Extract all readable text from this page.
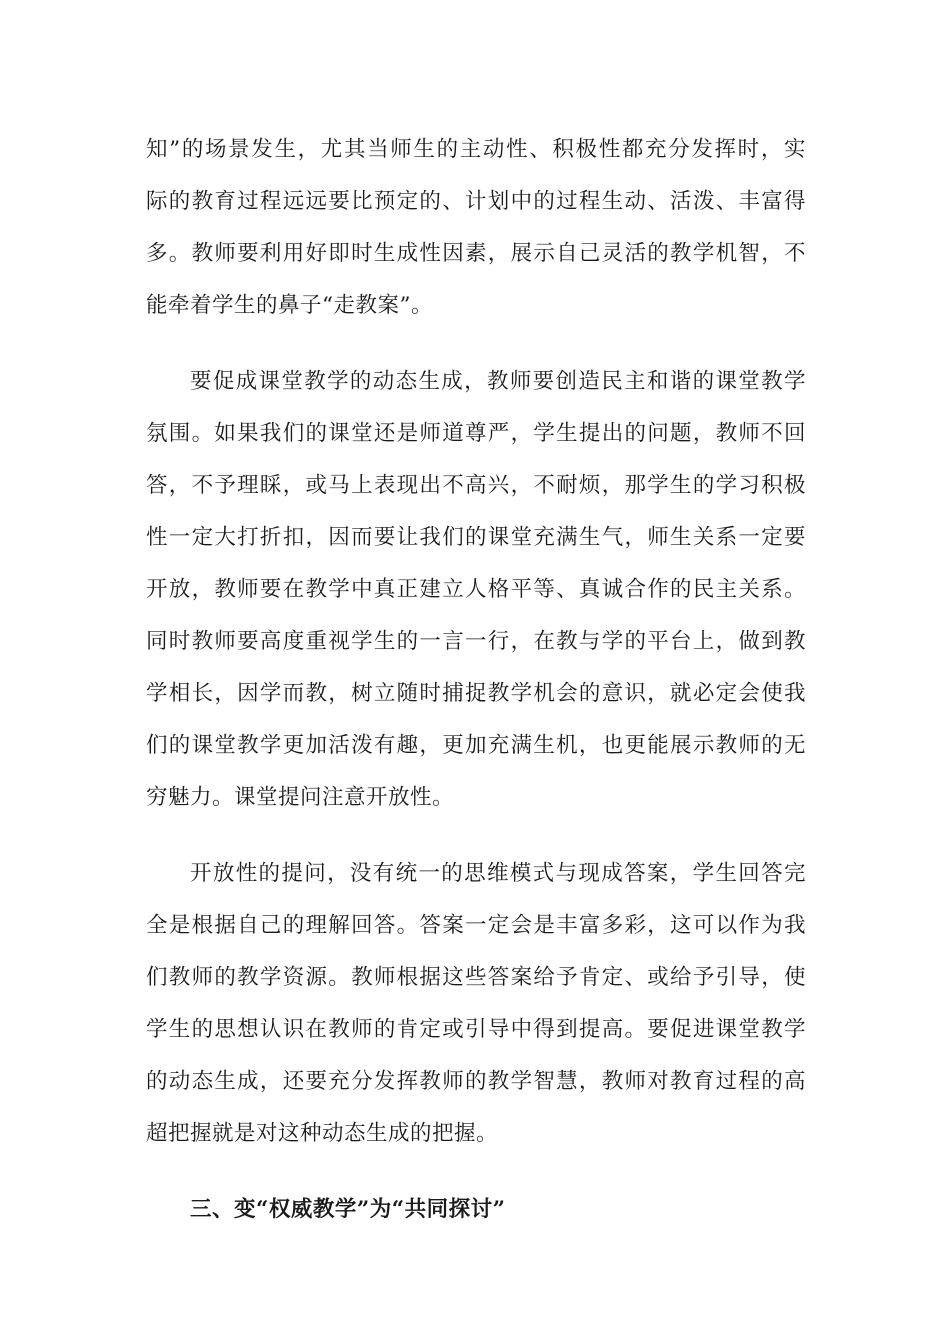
知”的场景发生，尤其当师生的主动性、积极性都充分发挥时，实
际的教育过程远远要比预定的、计划中的过程生动、活泼、丰富得
多。教师要利用好即时生成性因素，展示自己灵活的教学机智，不
能牵着学生的鼻子“走教案”。
要促成课堂教学的动态生成，教师要创造民主和谐的课堂教学
氛围。如果我们的课堂还是师道尊严，学生提出的问题，教师不回
答，不予理睬，或马上表现出不高兴，不耐烦，那学生的学习积极
性一定大打折扣，因而要让我们的课堂充满生气，师生关系一定要
开放，教师要在教学中真正建立人格平等、真诚合作的民主关系。
同时教师要高度重视学生的一言一行，在教与学的平台上，做到教
学相长，因学而教，树立随时捕捉教学机会的意识，就必定会使我
们的课堂教学更加活泼有趣，更加充满生机，也更能展示教师的无
穷魅力。课堂提问注意开放性。
开放性的提问，没有统一的思维模式与现成答案，学生回答完
全是根据自己的理解回答。答案一定会是丰富多彩，这可以作为我
们教师的教学资源。教师根据这些答案给予肯定、或给予引导，使
学生的思想认识在教师的肯定或引导中得到提高。要促进课堂教学
的动态生成，还要充分发挥教师的教学智慧，教师对教育过程的高
超把握就是对这种动态生成的把握。
三、变“权威教学”为“共同探讨”
